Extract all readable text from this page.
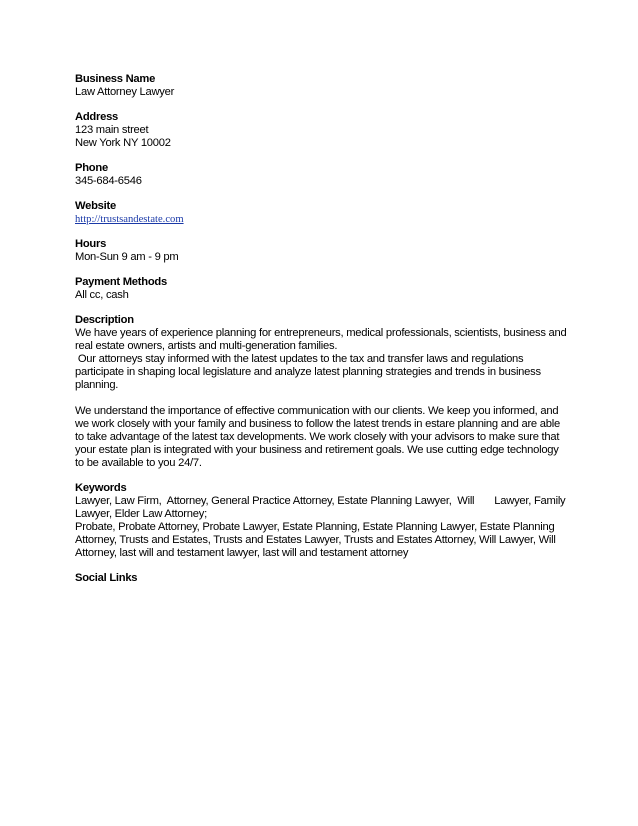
Business Name
Law Attorney Lawyer
Address
123 main street
New York NY 10002
Phone
345-684-6546
Website
http://trustsandestate.com
Hours
Mon-Sun 9 am - 9 pm
Payment Methods
All cc, cash
Description
We have years of experience planning for entrepreneurs, medical professionals, scientists, business and
real estate owners, artists and multi-generation families.
Our attorneys stay informed with the latest updates to the tax and transfer laws and regulations
participate in shaping local legislature and analyze latest planning strategies and trends in business
planning.
We understand the importance of effective communication with our clients. We keep you informed, and
we work closely with your family and business to follow the latest trends in estare planning and are able
to take advantage of the latest tax developments. We work closely with your advisors to make sure that
your estate plan is integrated with your business and retirement goals. We use cutting edge technology
to be available to you 24/7.
Keywords
Lawyer, Law Firm,  Attorney, General Practice Attorney, Estate Planning Lawyer,  Will       Lawyer, Family
Lawyer, Elder Law Attorney;
Probate, Probate Attorney, Probate Lawyer, Estate Planning, Estate Planning Lawyer, Estate Planning
Attorney, Trusts and Estates, Trusts and Estates Lawyer, Trusts and Estates Attorney, Will Lawyer, Will
Attorney, last will and testament lawyer, last will and testament attorney
Social Links
